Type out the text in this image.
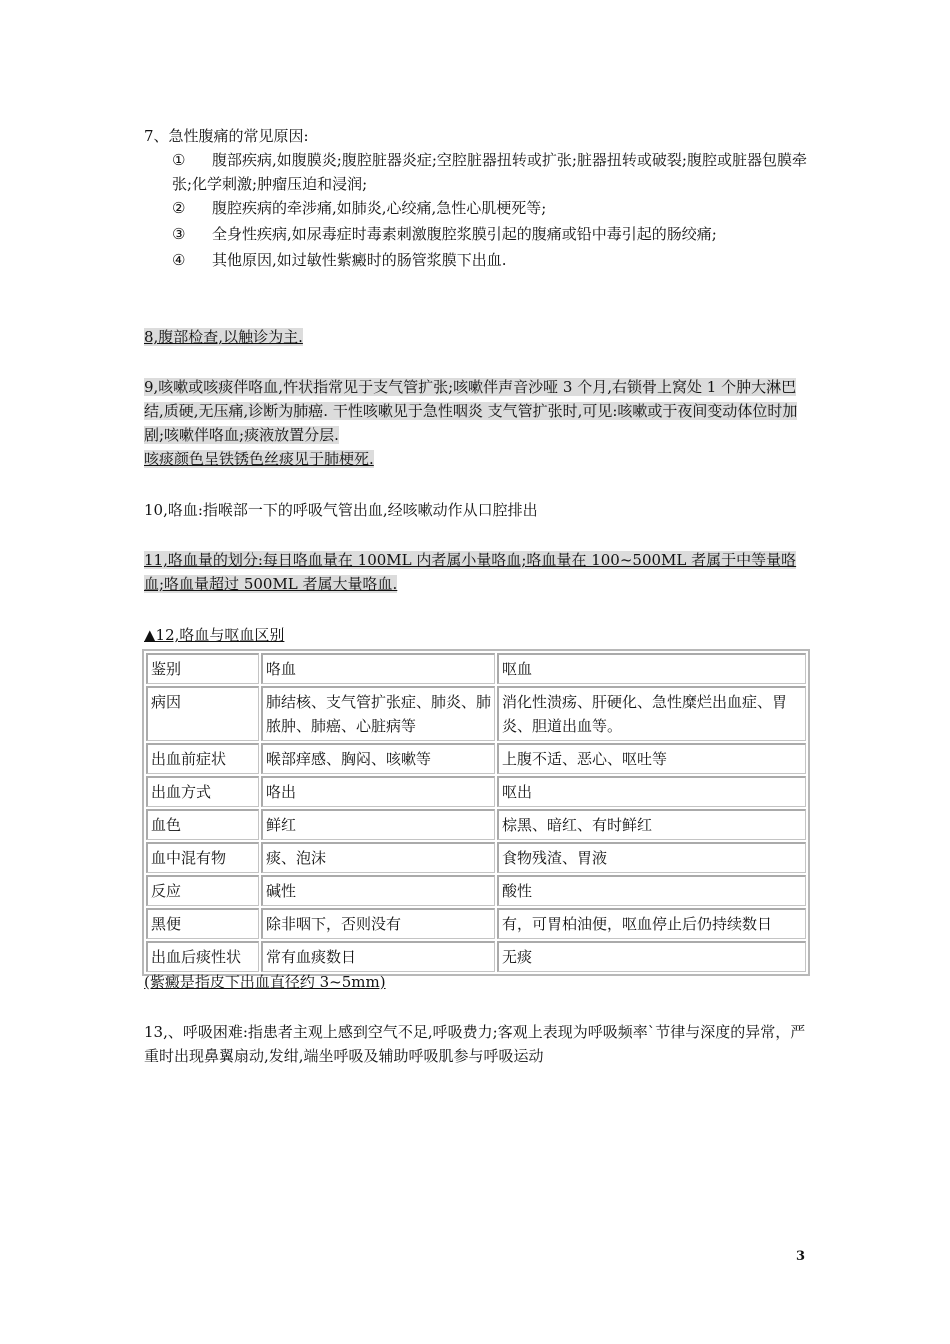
7、急性腹痛的常见原因:

① 腹部疾病,如腹膜炎;腹腔脏器炎症;空腔脏器扭转或扩张;脏器扭转或破裂;腹腔或脏器包膜牵张;化学刺激;肿瘤压迫和浸润;
② 腹腔疾病的牵涉痛,如肺炎,心绞痛,急性心肌梗死等;
③ 全身性疾病,如尿毒症时毒素刺激腹腔浆膜引起的腹痛或铅中毒引起的肠绞痛;
④ 其他原因,如过敏性紫癜时的肠管浆膜下出血.

8,腹部检查,以触诊为主.

9,咳嗽或咳痰伴咯血,忤状指常见于支气管扩张;咳嗽伴声音沙哑 3 个月,右锁骨上窝处 1 个肿大淋巴结,质硬,无压痛,诊断为肺癌. 干性咳嗽见于急性咽炎 支气管扩张时,可见:咳嗽或于夜间变动体位时加剧;咳嗽伴咯血;痰液放置分层.
咳痰颜色呈铁锈色丝痰见于肺梗死.

10,咯血:指喉部一下的呼吸气管出血,经咳嗽动作从口腔排出

11,咯血量的划分:每日咯血量在 100ML 内者属小量咯血;咯血量在 100~500ML 者属于中等量咯血;咯血量超过 500ML 者属大量咯血.

▲12,咯血与呕血区别

鉴别	咯血	呕血
病因	肺结核、支气管扩张症、肺炎、肺脓肿、肺癌、心脏病等	消化性溃疡、肝硬化、急性糜烂出血症、胃炎、胆道出血等。
出血前症状	喉部痒感、胸闷、咳嗽等	上腹不适、恶心、呕吐等
出血方式	咯出	呕出
血色	鲜红	棕黑、暗红、有时鲜红
血中混有物	痰、泡沫	食物残渣、胃液
反应	碱性	酸性
黑便	除非咽下，否则没有	有，可胃柏油便，呕血停止后仍持续数日
出血后痰性状	常有血痰数日	无痰

(紫癜是指皮下出血直径约 3~5mm)

13,、呼吸困难:指患者主观上感到空气不足,呼吸费力;客观上表现为呼吸频率`节律与深度的异常，严重时出现鼻翼扇动,发绀,端坐呼吸及辅助呼吸肌参与呼吸运动

3
